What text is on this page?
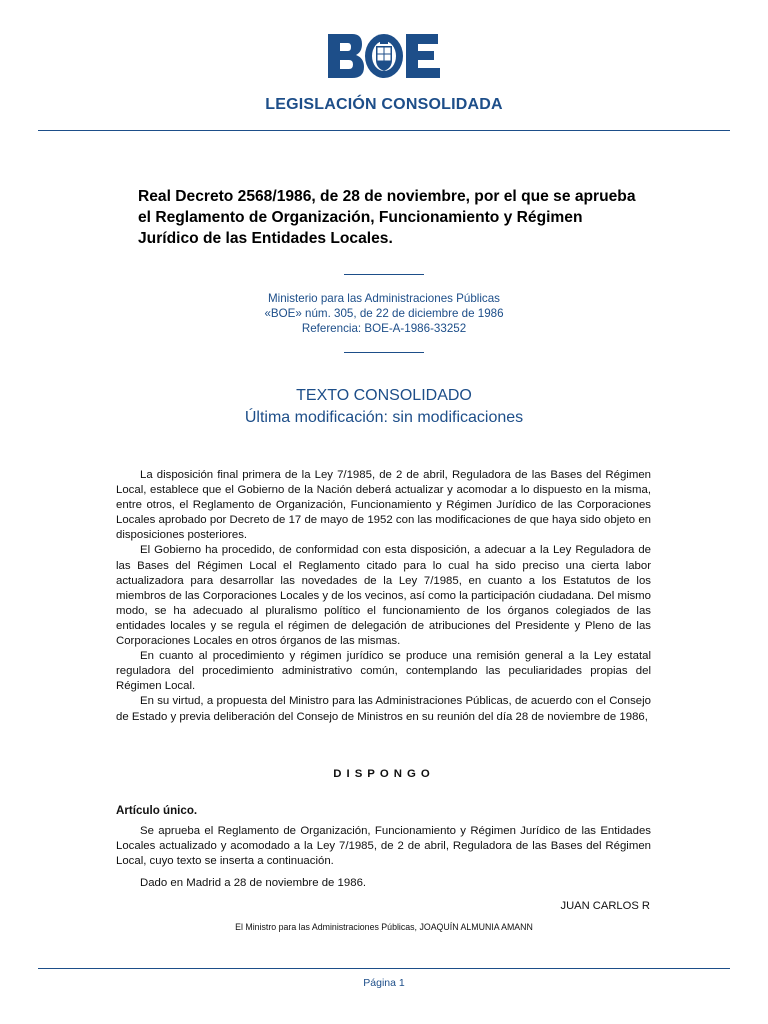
LEGISLACIÓN CONSOLIDADA
Real Decreto 2568/1986, de 28 de noviembre, por el que se aprueba el Reglamento de Organización, Funcionamiento y Régimen Jurídico de las Entidades Locales.
Ministerio para las Administraciones Públicas
«BOE» núm. 305, de 22 de diciembre de 1986
Referencia: BOE-A-1986-33252
TEXTO CONSOLIDADO
Última modificación: sin modificaciones

La disposición final primera de la Ley 7/1985, de 2 de abril, Reguladora de las Bases del Régimen Local, establece que el Gobierno de la Nación deberá actualizar y acomodar a lo dispuesto en la misma, entre otros, el Reglamento de Organización, Funcionamiento y Régimen Jurídico de las Corporaciones Locales aprobado por Decreto de 17 de mayo de 1952 con las modificaciones de que haya sido objeto en disposiciones posteriores.

El Gobierno ha procedido, de conformidad con esta disposición, a adecuar a la Ley Reguladora de las Bases del Régimen Local el Reglamento citado para lo cual ha sido preciso una cierta labor actualizadora para desarrollar las novedades de la Ley 7/1985, en cuanto a los Estatutos de los miembros de las Corporaciones Locales y de los vecinos, así como la participación ciudadana. Del mismo modo, se ha adecuado al pluralismo político el funcionamiento de los órganos colegiados de las entidades locales y se regula el régimen de delegación de atribuciones del Presidente y Pleno de las Corporaciones Locales en otros órganos de las mismas.

En cuanto al procedimiento y régimen jurídico se produce una remisión general a la Ley estatal reguladora del procedimiento administrativo común, contemplando las peculiaridades propias del Régimen Local.

En su virtud, a propuesta del Ministro para las Administraciones Públicas, de acuerdo con el Consejo de Estado y previa deliberación del Consejo de Ministros en su reunión del día 28 de noviembre de 1986,

DISPONGO
Artículo único.

Se aprueba el Reglamento de Organización, Funcionamiento y Régimen Jurídico de las Entidades Locales actualizado y acomodado a la Ley 7/1985, de 2 de abril, Reguladora de las Bases del Régimen Local, cuyo texto se inserta a continuación.

Dado en Madrid a 28 de noviembre de 1986.

JUAN CARLOS R
El Ministro para las Administraciones Públicas, JOAQUÍN ALMUNIA AMANN
Página 1
